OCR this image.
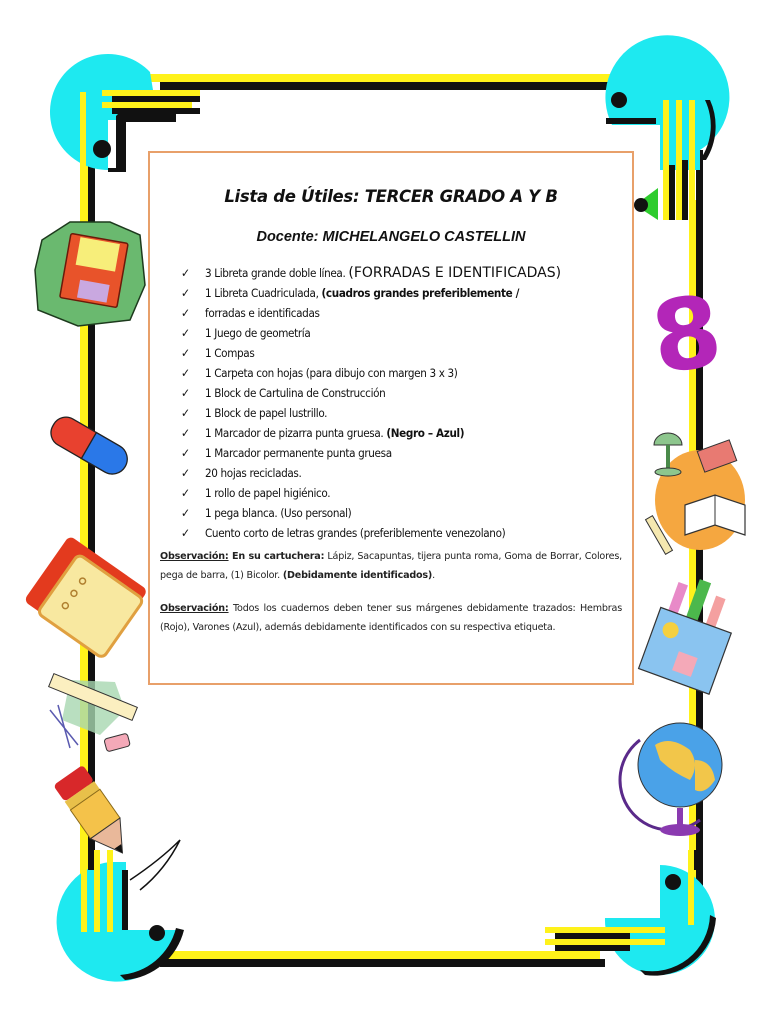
8
Lista de Útiles: TERCER GRADO A Y B
Docente: MICHELANGELO CASTELLIN
✓ 3 Libreta grande doble línea. (FORRADAS E IDENTIFICADAS)
✓ 1 Libreta Cuadriculada, (cuadros grandes preferiblemente /
✓ forradas e identificadas
✓ 1 Juego de geometría
✓ 1 Compas
✓ 1 Carpeta con hojas (para dibujo con margen 3 x 3)
✓ 1 Block de Cartulina de Construcción
✓ 1 Block de papel lustrillo.
✓ 1 Marcador de pizarra punta gruesa. (Negro – Azul)
✓ 1 Marcador permanente punta gruesa
✓ 20 hojas recicladas.
✓ 1 rollo de papel higiénico.
✓ 1 pega blanca. (Uso personal)
✓ Cuento corto de letras grandes (preferiblemente venezolano)
Observación: En su cartuchera: Lápiz, Sacapuntas, tijera punta roma, Goma de Borrar, Colores, pega de barra, (1) Bicolor. (Debidamente identificados).
Observación: Todos los cuadernos deben tener sus márgenes debidamente trazados: Hembras (Rojo), Varones (Azul), además debidamente identificados con su respectiva etiqueta.
